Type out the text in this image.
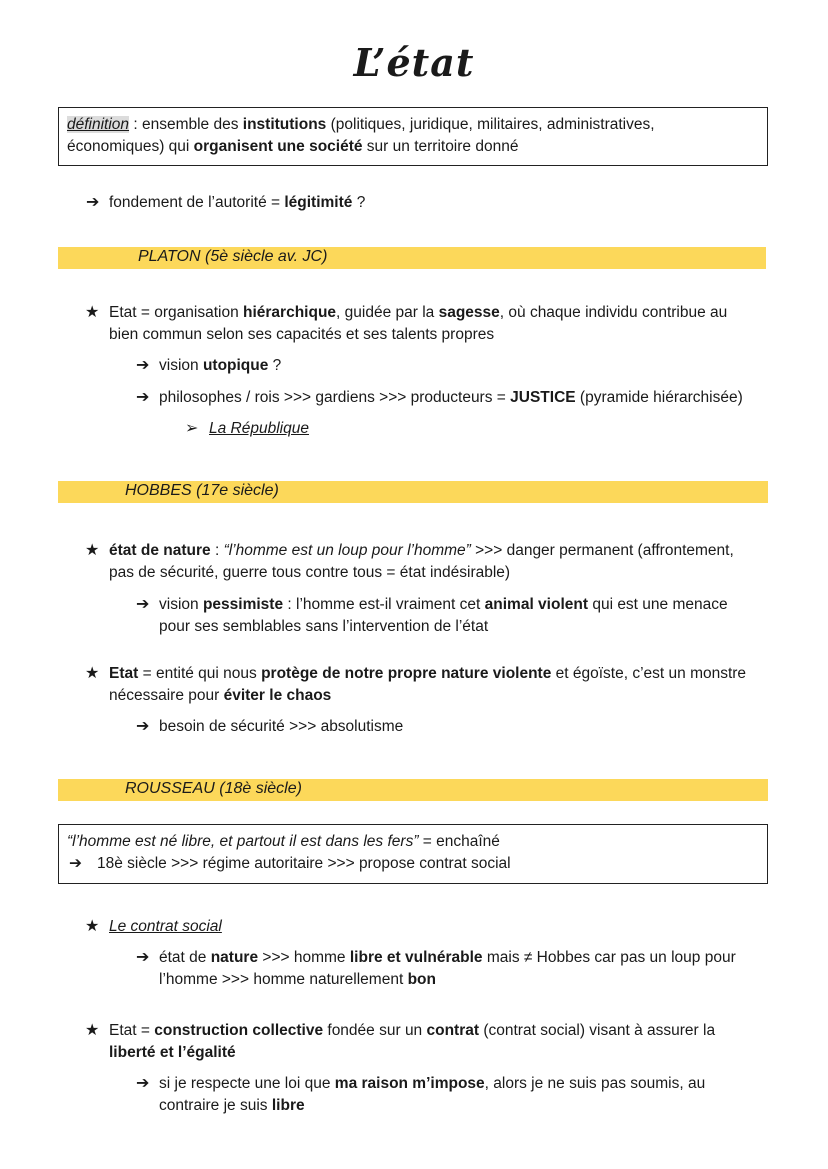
L’état
définition : ensemble des institutions (politiques, juridique, militaires, administratives,
économiques) qui organisent une société sur un territoire donné
➔ fondement de l’autorité = légitimité ?
PLATON (5è siècle av. JC)
★ Etat = organisation hiérarchique, guidée par la sagesse, où chaque individu contribue au
bien commun selon ses capacités et ses talents propres
➔ vision utopique ?
➔ philosophes / rois >>> gardiens >>> producteurs = JUSTICE (pyramide hiérarchisée)
➢ La République
HOBBES (17e siècle)
★ état de nature : “l’homme est un loup pour l’homme” >>> danger permanent (affrontement,
pas de sécurité, guerre tous contre tous = état indésirable)
➔ vision pessimiste : l’homme est-il vraiment cet animal violent qui est une menace
pour ses semblables sans l’intervention de l’état
★ Etat = entité qui nous protège de notre propre nature violente et égoïste, c’est un monstre
nécessaire pour éviter le chaos
➔ besoin de sécurité >>> absolutisme
ROUSSEAU (18è siècle)
“l’homme est né libre, et partout il est dans les fers” = enchaîné
➔ 18è siècle >>> régime autoritaire >>> propose contrat social
★ Le contrat social
➔ état de nature >>> homme libre et vulnérable mais ≠ Hobbes car pas un loup pour
l’homme >>> homme naturellement bon
★ Etat = construction collective fondée sur un contrat (contrat social) visant à assurer la
liberté et l’égalité
➔ si je respecte une loi que ma raison m’impose, alors je ne suis pas soumis, au
contraire je suis libre
